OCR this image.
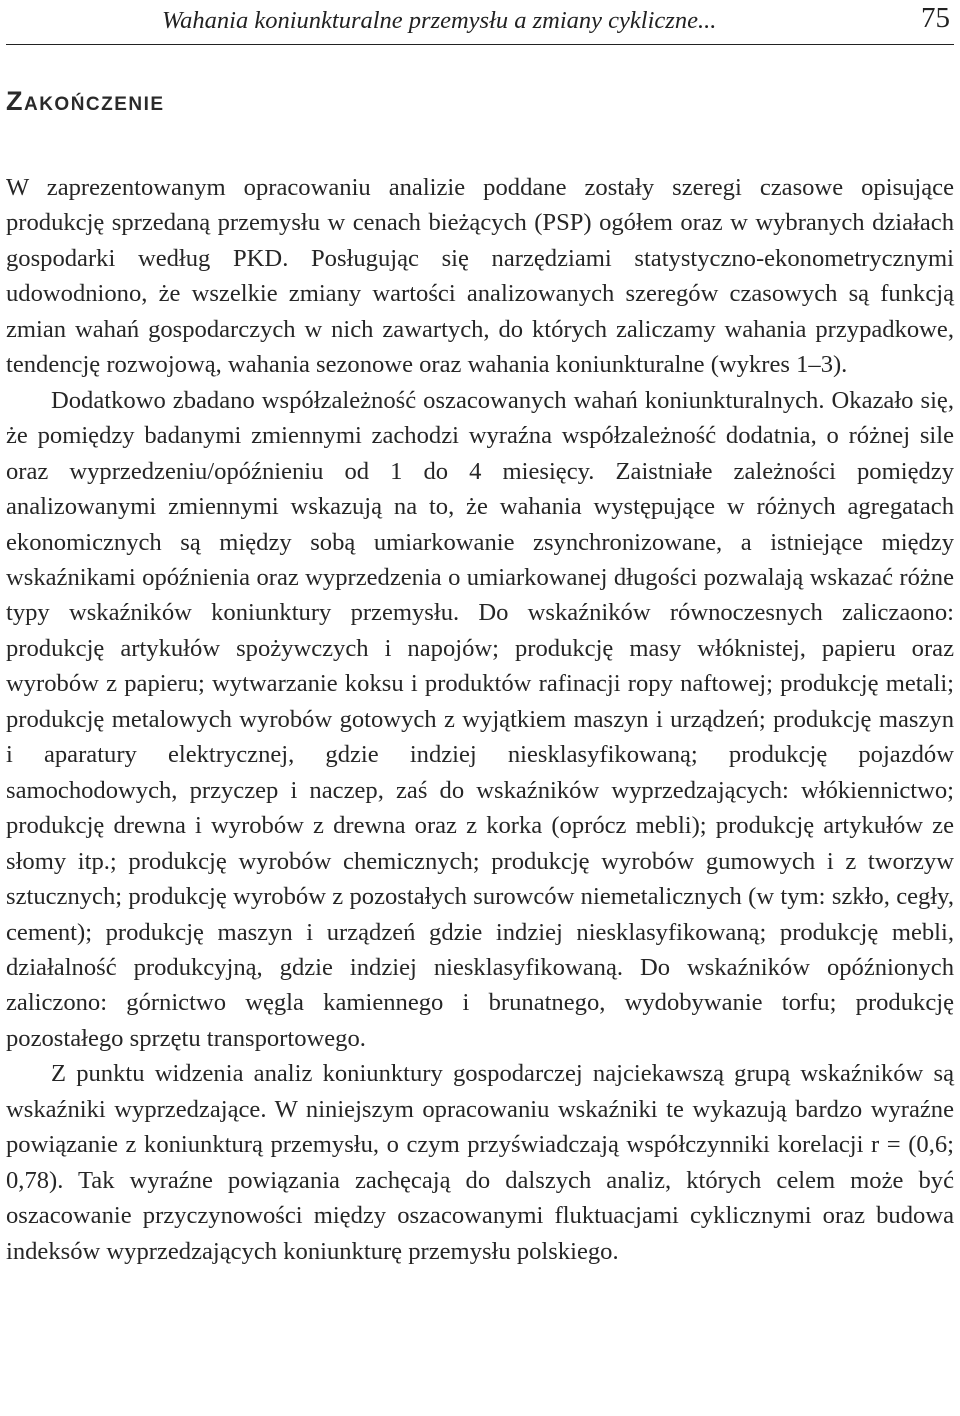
Wahania koniunkturalne przemysłu a zmiany cykliczne...	75
Zakończenie

W zaprezentowanym opracowaniu analizie poddane zostały szeregi czasowe opisujące produkcję sprzedaną przemysłu w cenach bieżących (PSP) ogółem oraz w wybranych działach gospodarki według PKD. Posługując się narzędziami statystyczno-ekonometrycznymi udowodniono, że wszelkie zmiany wartości analizowanych szeregów czasowych są funkcją zmian wahań gospodarczych w nich zawartych, do których zaliczamy wahania przypadkowe, tendencję rozwojową, wahania sezonowe oraz wahania koniunkturalne (wykres 1–3).

Dodatkowo zbadano współzależność oszacowanych wahań koniunkturalnych. Okazało się, że pomiędzy badanymi zmiennymi zachodzi wyraźna współzależność dodatnia, o różnej sile oraz wyprzedzeniu/opóźnieniu od 1 do 4 miesięcy. Zaistniałe zależności pomiędzy analizowanymi zmiennymi wskazują na to, że wahania występujące w różnych agregatach ekonomicznych są między sobą umiarkowanie zsynchronizowane, a istniejące między wskaźnikami opóźnienia oraz wyprzedzenia o umiarkowanej długości pozwalają wskazać różne typy wskaźników koniunktury przemysłu. Do wskaźników równoczesnych zaliczaono: produkcję artykułów spożywczych i napojów; produkcję masy włóknistej, papieru oraz wyrobów z papieru; wytwarzanie koksu i produktów rafinacji ropy naftowej; produkcję metali; produkcję metalowych wyrobów gotowych z wyjątkiem maszyn i urządzeń; produkcję maszyn i aparatury elektrycznej, gdzie indziej niesklasyfikowaną; produkcję pojazdów samochodowych, przyczep i naczep, zaś do wskaźników wyprzedzających: włókiennictwo; produkcję drewna i wyrobów z drewna oraz z korka (oprócz mebli); produkcję artykułów ze słomy itp.; produkcję wyrobów chemicznych; produkcję wyrobów gumowych i z tworzyw sztucznych; produkcję wyrobów z pozostałych surowców niemetalicznych (w tym: szkło, cegły, cement); produkcję maszyn i urządzeń gdzie indziej niesklasyfikowaną; produkcję mebli, działalność produkcyjną, gdzie indziej niesklasyfikowaną. Do wskaźników opóźnionych zaliczono: górnictwo węgla kamiennego i brunatnego, wydobywanie torfu; produkcję pozostałego sprzętu transportowego.

Z punktu widzenia analiz koniunktury gospodarczej najciekawszą grupą wskaźników są wskaźniki wyprzedzające. W niniejszym opracowaniu wskaźniki te wykazują bardzo wyraźne powiązanie z koniunkturą przemysłu, o czym przyświadczają współczynniki korelacji r = (0,6; 0,78). Tak wyraźne powiązania zachęcają do dalszych analiz, których celem może być oszacowanie przyczynowości między oszacowanymi fluktuacjami cyklicznymi oraz budowa indeksów wyprzedzających koniunkturę przemysłu polskiego.
